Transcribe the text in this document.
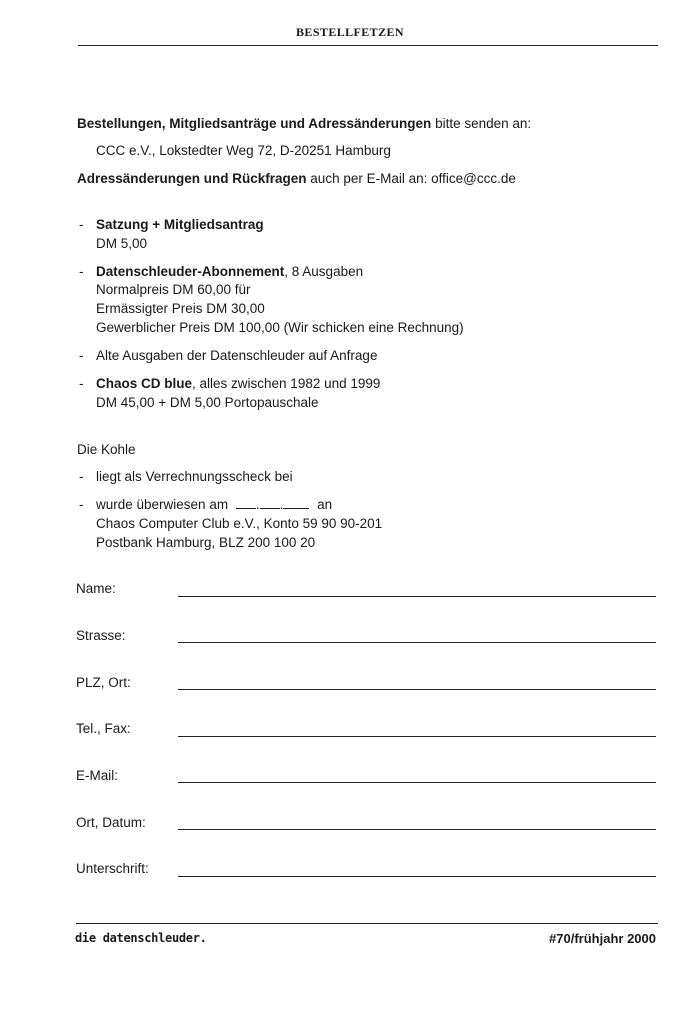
BESTELLFETZEN
Bestellungen, Mitgliedsanträge und Adressänderungen bitte senden an:
CCC e.V., Lokstedter Weg 72, D-20251 Hamburg
Adressänderungen und Rückfragen auch per E-Mail an: office@ccc.de
- Satzung + Mitgliedsantrag
DM 5,00
- Datenschleuder-Abonnement, 8 Ausgaben
Normalpreis DM 60,00 für
Ermässigter Preis DM 30,00
Gewerblicher Preis DM 100,00 (Wir schicken eine Rechnung)
- Alte Ausgaben der Datenschleuder auf Anfrage
- Chaos CD blue, alles zwischen 1982 und 1999
DM 45,00 + DM 5,00 Portopauschale
Die Kohle
- liegt als Verrechnungsscheck bei
- wurde überwiesen am . .	an
Chaos Computer Club e.V., Konto 59 90 90-201
Postbank Hamburg, BLZ 200 100 20
Name:
Strasse:
PLZ, Ort:
Tel., Fax:
E-Mail:
Ort, Datum:
Unterschrift:
die datenschleuder.	#70/frühjahr 2000
